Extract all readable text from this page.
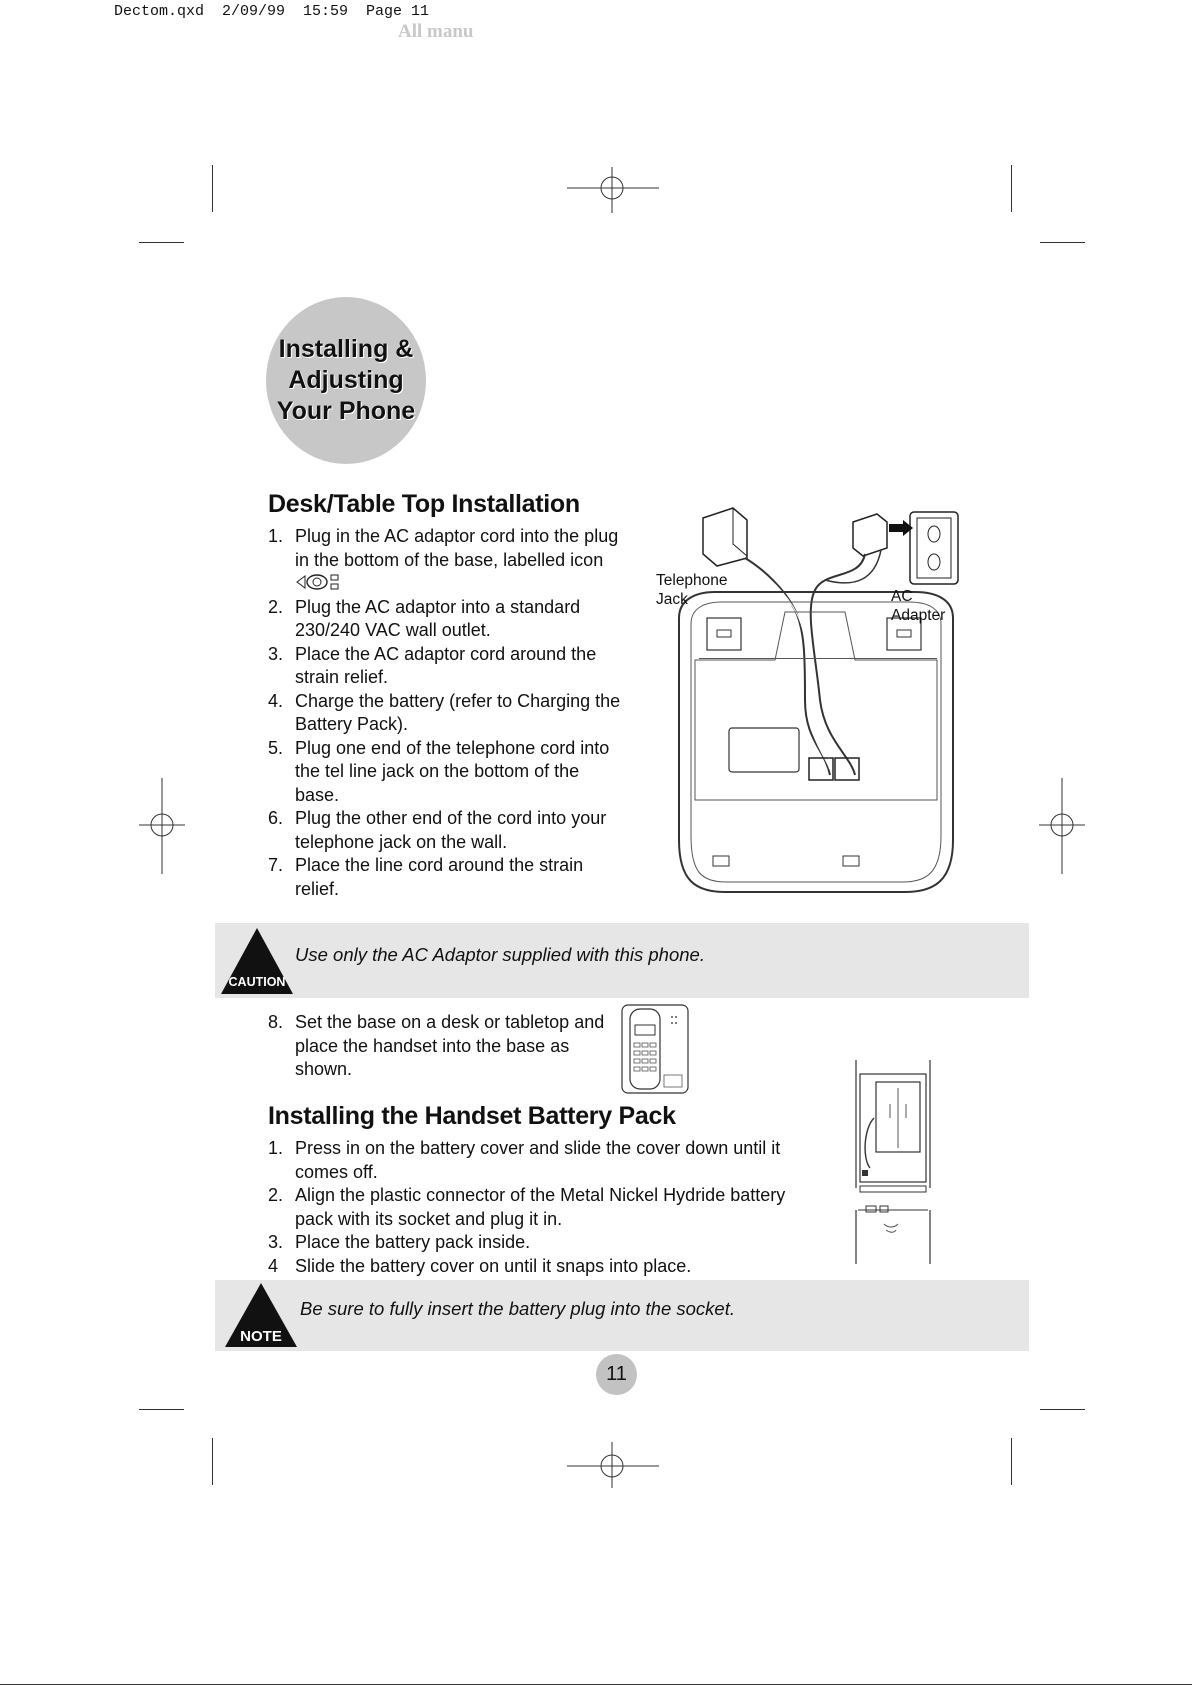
Dectom.qxd  2/09/99  15:59  Page 11
All manu
Installing & Adjusting Your Phone
Desk/Table Top Installation
1. Plug in the AC adaptor cord into the plug in the bottom of the base, labelled icon
2. Plug the AC adaptor into a standard 230/240 VAC wall outlet.
3. Place the AC adaptor cord around the strain relief.
4. Charge the battery (refer to Charging the Battery Pack).
5. Plug one end of the telephone cord into the tel line jack on the bottom of the base.
6. Plug the other end of the cord into your telephone jack on the wall.
7. Place the line cord around the strain relief.
Telephone Jack	AC Adapter
CAUTION
Use only the AC Adaptor supplied with this phone.
8. Set the base on a desk or tabletop and place the handset into the base as shown.
Installing the Handset Battery Pack
1. Press in on the battery cover and slide the cover down until it comes off.
2. Align the plastic connector of the Metal Nickel Hydride battery pack with its socket and plug it in.
3. Place the battery pack inside.
4 Slide the battery cover on until it snaps into place.
NOTE
Be sure to fully insert the battery plug into the socket.
11
